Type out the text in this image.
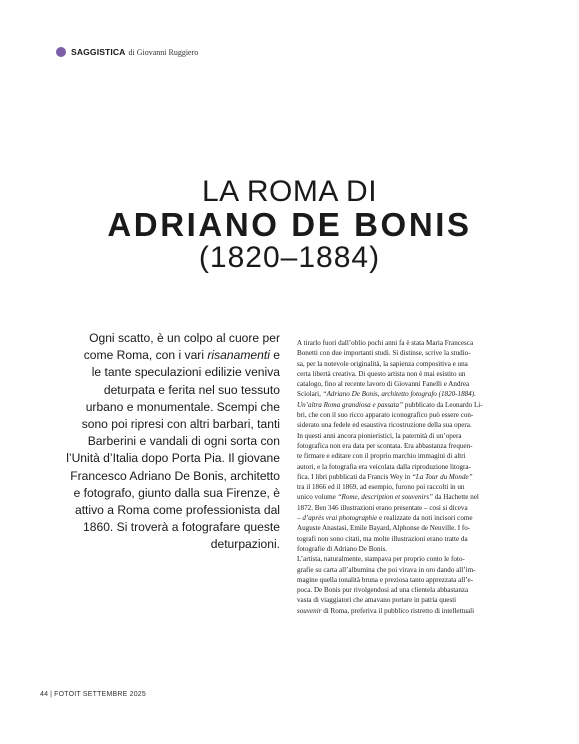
SAGGISTICA di Giovanni Ruggiero
LA ROMA DI
ADRIANO DE BONIS
(1820–1884)
Ogni scatto, è un colpo al cuore per
come Roma, con i vari risanamenti e
le tante speculazioni edilizie veniva
deturpata e ferita nel suo tessuto
urbano e monumentale. Scempi che
sono poi ripresi con altri barbari, tanti
Barberini e vandali di ogni sorta con
l’Unità d’Italia dopo Porta Pia. Il giovane
Francesco Adriano De Bonis, architetto
e fotografo, giunto dalla sua Firenze, è
attivo a Roma come professionista dal
1860. Si troverà a fotografare queste
deturpazioni.
A tirarlo fuori dall’oblio pochi anni fa è stata Maria Francesca
Bonetti con due importanti studi. Si distinse, scrive la studio-
sa, per la notevole originalità, la sapienza compositiva e una
certa libertà creativa. Di questo artista non è mai esistito un
catalogo, fino al recente lavoro di Giovanni Fanelli e Andrea
Sciolari, “Adriano De Bonis, architetto fotografo (1820-1884).
Un’altra Roma grandiosa e passata” pubblicato da Leonardo Li-
bri, che con il suo ricco apparato iconografico può essere con-
siderato una fedele ed esaustiva ricostruzione della sua opera.
In questi anni ancora pionieristici, la paternità di un’opera
fotografica non era data per scontata. Era abbastanza frequen-
te firmare e editare con il proprio marchio immagini di altri
autori, e la fotografia era veicolata dalla riproduzione litogra-
fica. I libri pubblicati da Francis Wey in “La Tour du Monde”
tra il 1866 ed il 1869, ad esempio, furono poi raccolti in un
unico volume “Rome, description et souvenirs” da Hachette nel
1872. Ben 346 illustrazioni erano presentate – così si diceva
– d’après vrai photographie e realizzate da noti incisori come
Auguste Anastasi, Emile Bayard, Alphonse de Neuville. I fo-
tografi non sono citati, ma molte illustrazioni erano tratte da
fotografie di Adriano De Bonis.
L’artista, naturalmente, stampava per proprio conto le foto-
grafie su carta all’albumina che poi virava in oro dando all’im-
magine quella tonalità bruna e preziosa tanto apprezzata all’e-
poca. De Bonis pur rivolgendosi ad una clientela abbastanza
vasta di viaggiatori che amavano portare in patria questi
souvenir di Roma, preferiva il pubblico ristretto di intellettuali
44 | FOTOIT SETTEMBRE 2025
